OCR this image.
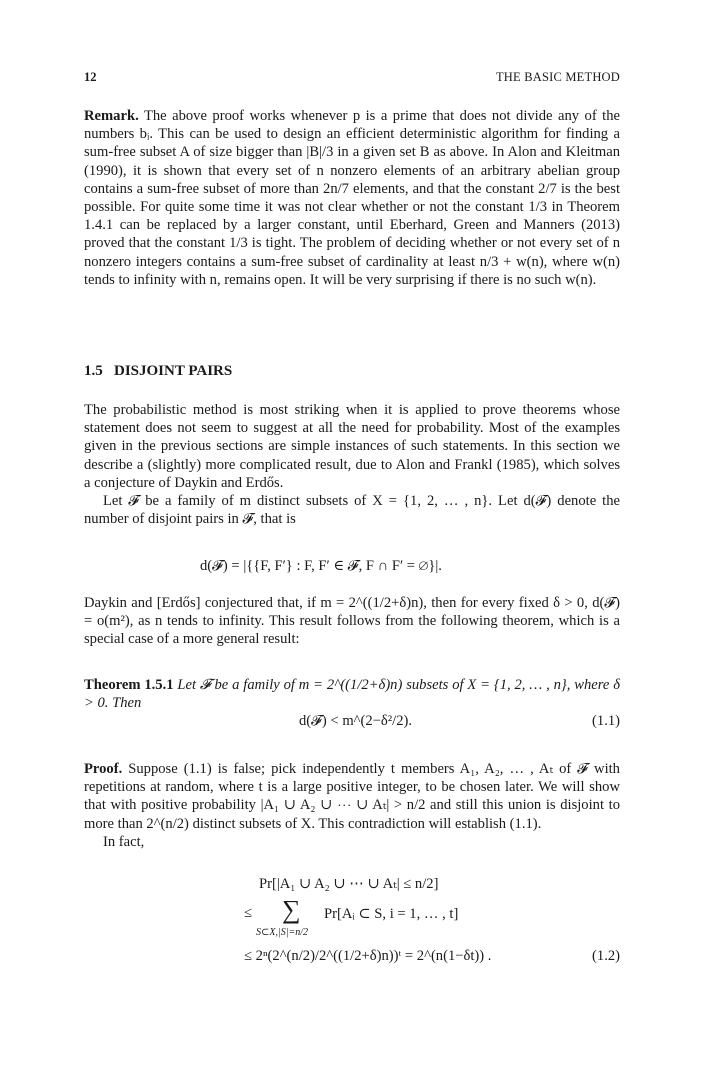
12	THE BASIC METHOD

Remark. The above proof works whenever p is a prime that does not divide any of the numbers bᵢ. This can be used to design an efficient deterministic algorithm for finding a sum-free subset A of size bigger than |B|/3 in a given set B as above. In Alon and Kleitman (1990), it is shown that every set of n nonzero elements of an arbitrary abelian group contains a sum-free subset of more than 2n/7 elements, and that the constant 2/7 is the best possible. For quite some time it was not clear whether or not the constant 1/3 in Theorem 1.4.1 can be replaced by a larger constant, until Eberhard, Green and Manners (2013) proved that the constant 1/3 is tight. The problem of deciding whether or not every set of n nonzero integers contains a sum-free subset of cardinality at least n/3 + w(n), where w(n) tends to infinity with n, remains open. It will be very surprising if there is no such w(n).

1.5   DISJOINT PAIRS

The probabilistic method is most striking when it is applied to prove theorems whose statement does not seem to suggest at all the need for probability. Most of the examples given in the previous sections are simple instances of such statements. In this section we describe a (slightly) more complicated result, due to Alon and Frankl (1985), which solves a conjecture of Daykin and Erdős.

Let 𝓕 be a family of m distinct subsets of X = {1, 2, … , n}. Let d(𝓕) denote the number of disjoint pairs in 𝓕, that is

d(𝓕) = |{{F, F′} : F, F′ ∈ 𝓕, F ∩ F′ = ∅}|.

Daykin and [Erdős] conjectured that, if m = 2^((1/2+δ)n), then for every fixed δ > 0, d(𝓕) = o(m²), as n tends to infinity. This result follows from the following theorem, which is a special case of a more general result:

Theorem 1.5.1 Let 𝓕 be a family of m = 2^((1/2+δ)n) subsets of X = {1, 2, … , n}, where δ > 0. Then

d(𝓕) < m^(2−δ²/2).	(1.1)

Proof. Suppose (1.1) is false; pick independently t members A₁, A₂, … , Aₜ of 𝓕 with repetitions at random, where t is a large positive integer, to be chosen later. We will show that with positive probability |A₁ ∪ A₂ ∪ ⋯ ∪ Aₜ| > n/2 and still this union is disjoint to more than 2^(n/2) distinct subsets of X. This contradiction will establish (1.1).

In fact,

Pr[|A₁ ∪ A₂ ∪ ⋯ ∪ Aₜ| ≤ n/2]
≤ ∑
S⊂X,|S|=n/2
Pr[Aᵢ ⊂ S, i = 1, … , t]
≤ 2ⁿ(2^(n/2)/2^((1/2+δ)n))ᵗ = 2^(n(1−δt)) .	(1.2)
